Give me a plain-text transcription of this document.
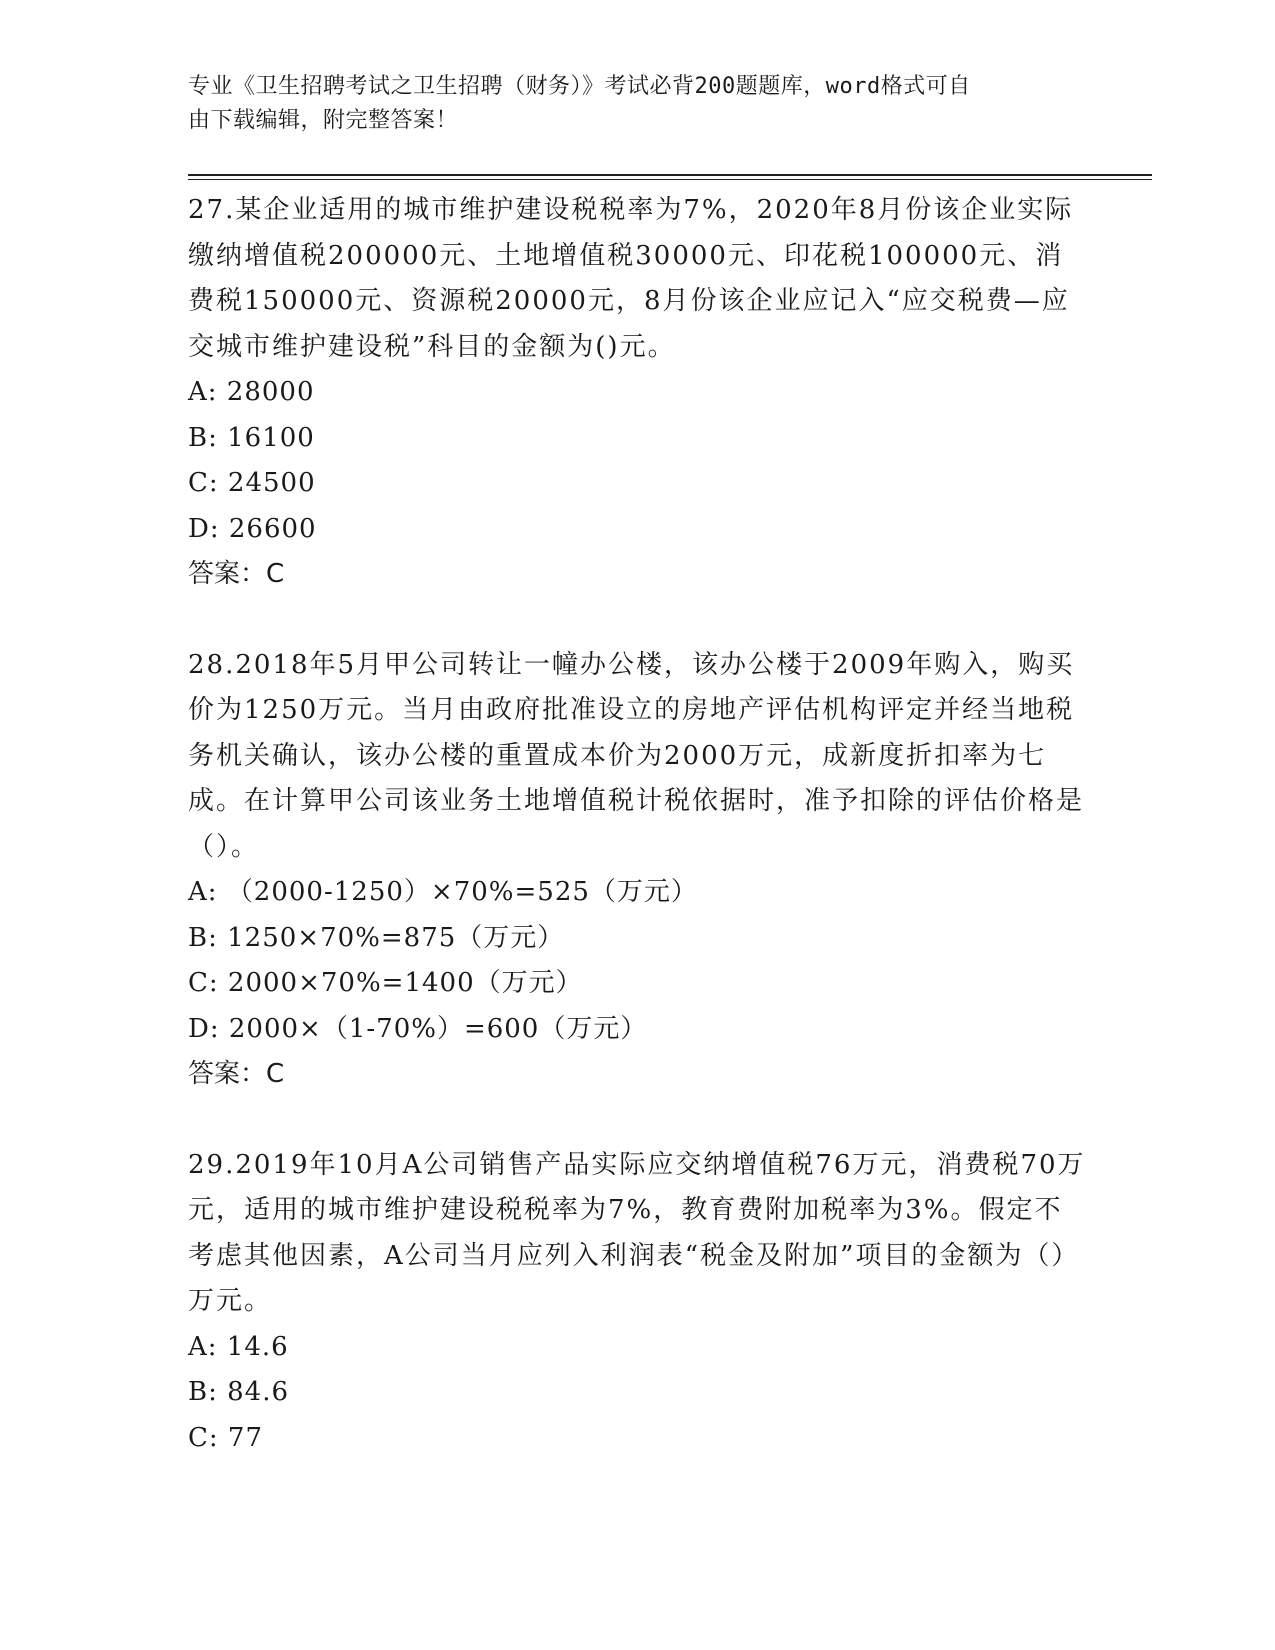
专业《卫生招聘考试之卫生招聘（财务）》考试必背200题题库，word格式可自
由下载编辑，附完整答案！

27.某企业适用的城市维护建设税税率为7%，2020年8月份该企业实际缴纳增值税200000元、土地增值税30000元、印花税100000元、消费税150000元、资源税20000元，8月份该企业应记入“应交税费—应交城市维护建设税”科目的金额为()元。

A: 28000

B: 16100

C: 24500

D: 26600

答案：C

28.2018年5月甲公司转让一幢办公楼，该办公楼于2009年购入，购买价为1250万元。当月由政府批准设立的房地产评估机构评定并经当地税务机关确认，该办公楼的重置成本价为2000万元，成新度折扣率为七成。在计算甲公司该业务土地增值税计税依据时，准予扣除的评估价格是（）。

A: （2000-1250）×70%=525（万元）

B: 1250×70%=875（万元）

C: 2000×70%=1400（万元）

D: 2000×（1-70%）=600（万元）

答案：C

29.2019年10月A公司销售产品实际应交纳增值税76万元，消费税70万元，适用的城市维护建设税税率为7%，教育费附加税率为3%。假定不考虑其他因素，A公司当月应列入利润表“税金及附加”项目的金额为（）万元。

A: 14.6

B: 84.6

C: 77
